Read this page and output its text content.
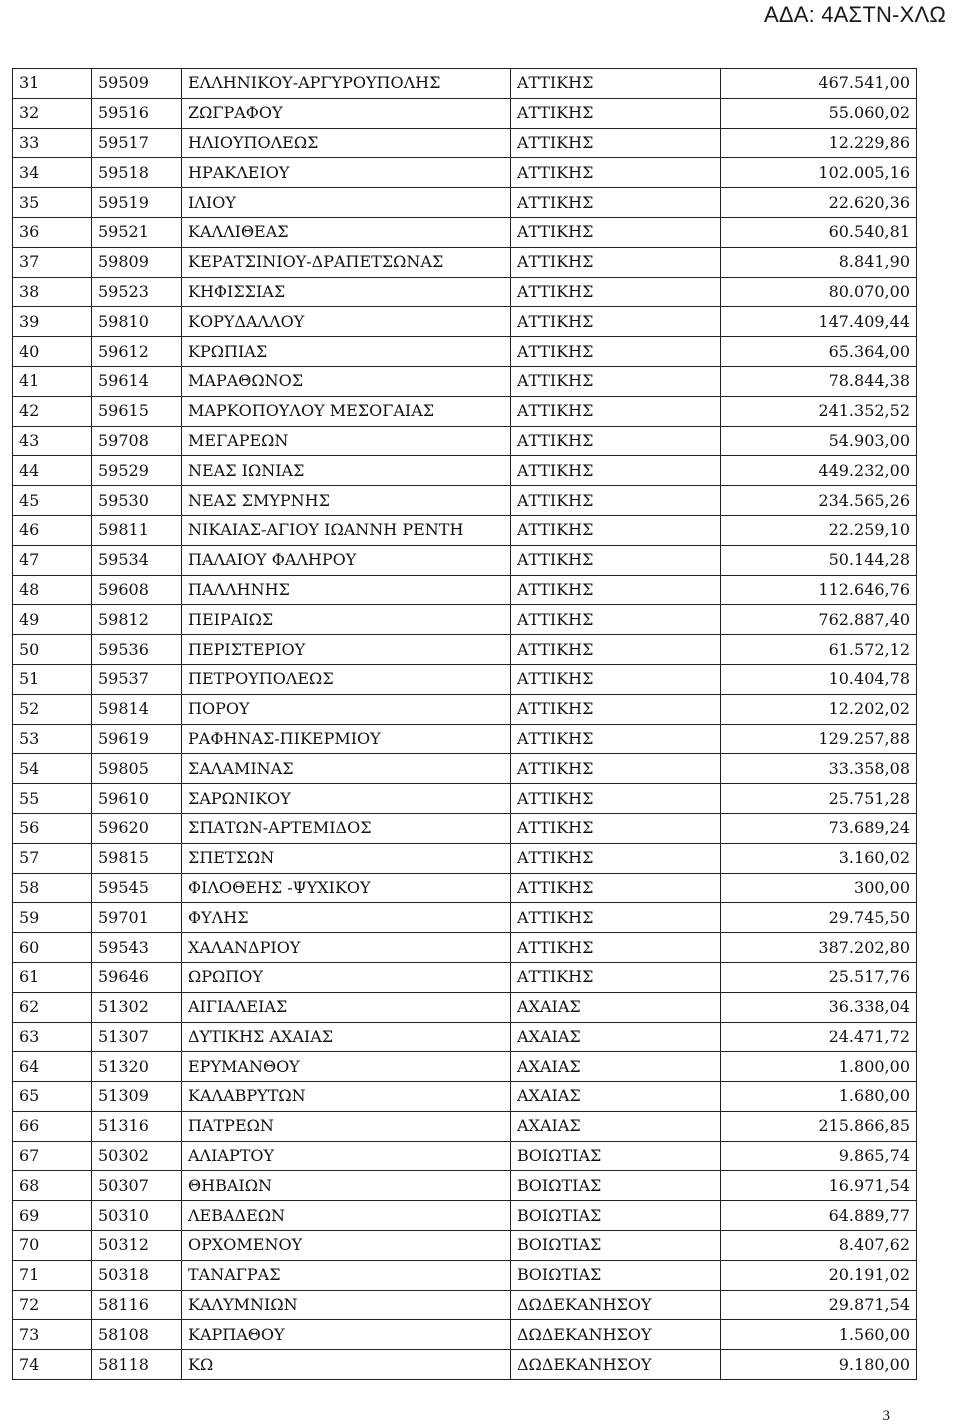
ΑΔΑ: 4ΑΣΤΝ-ΧΛΩ
31	59509	ΕΛΛΗΝΙΚΟΥ-ΑΡΓΥΡΟΥΠΟΛΗΣ	ΑΤΤΙΚΗΣ	467.541,00
32	59516	ΖΩΓΡΑΦΟΥ	ΑΤΤΙΚΗΣ	55.060,02
33	59517	ΗΛΙΟΥΠΟΛΕΩΣ	ΑΤΤΙΚΗΣ	12.229,86
34	59518	ΗΡΑΚΛΕΙΟΥ	ΑΤΤΙΚΗΣ	102.005,16
35	59519	ΙΛΙΟΥ	ΑΤΤΙΚΗΣ	22.620,36
36	59521	ΚΑΛΛΙΘΕΑΣ	ΑΤΤΙΚΗΣ	60.540,81
37	59809	ΚΕΡΑΤΣΙΝΙΟΥ-ΔΡΑΠΕΤΣΩΝΑΣ	ΑΤΤΙΚΗΣ	8.841,90
38	59523	ΚΗΦΙΣΣΙΑΣ	ΑΤΤΙΚΗΣ	80.070,00
39	59810	ΚΟΡΥΔΑΛΛΟΥ	ΑΤΤΙΚΗΣ	147.409,44
40	59612	ΚΡΩΠΙΑΣ	ΑΤΤΙΚΗΣ	65.364,00
41	59614	ΜΑΡΑΘΩΝΟΣ	ΑΤΤΙΚΗΣ	78.844,38
42	59615	ΜΑΡΚΟΠΟΥΛΟΥ ΜΕΣΟΓΑΙΑΣ	ΑΤΤΙΚΗΣ	241.352,52
43	59708	ΜΕΓΑΡΕΩΝ	ΑΤΤΙΚΗΣ	54.903,00
44	59529	ΝΕΑΣ ΙΩΝΙΑΣ	ΑΤΤΙΚΗΣ	449.232,00
45	59530	ΝΕΑΣ ΣΜΥΡΝΗΣ	ΑΤΤΙΚΗΣ	234.565,26
46	59811	ΝΙΚΑΙΑΣ-ΑΓΙΟΥ ΙΩΑΝΝΗ ΡΕΝΤΗ	ΑΤΤΙΚΗΣ	22.259,10
47	59534	ΠΑΛΑΙΟΥ ΦΑΛΗΡΟΥ	ΑΤΤΙΚΗΣ	50.144,28
48	59608	ΠΑΛΛΗΝΗΣ	ΑΤΤΙΚΗΣ	112.646,76
49	59812	ΠΕΙΡΑΙΩΣ	ΑΤΤΙΚΗΣ	762.887,40
50	59536	ΠΕΡΙΣΤΕΡΙΟΥ	ΑΤΤΙΚΗΣ	61.572,12
51	59537	ΠΕΤΡΟΥΠΟΛΕΩΣ	ΑΤΤΙΚΗΣ	10.404,78
52	59814	ΠΟΡΟΥ	ΑΤΤΙΚΗΣ	12.202,02
53	59619	ΡΑΦΗΝΑΣ-ΠΙΚΕΡΜΙΟΥ	ΑΤΤΙΚΗΣ	129.257,88
54	59805	ΣΑΛΑΜΙΝΑΣ	ΑΤΤΙΚΗΣ	33.358,08
55	59610	ΣΑΡΩΝΙΚΟΥ	ΑΤΤΙΚΗΣ	25.751,28
56	59620	ΣΠΑΤΩΝ-ΑΡΤΕΜΙΔΟΣ	ΑΤΤΙΚΗΣ	73.689,24
57	59815	ΣΠΕΤΣΩΝ	ΑΤΤΙΚΗΣ	3.160,02
58	59545	ΦΙΛΟΘΕΗΣ -ΨΥΧΙΚΟΥ	ΑΤΤΙΚΗΣ	300,00
59	59701	ΦΥΛΗΣ	ΑΤΤΙΚΗΣ	29.745,50
60	59543	ΧΑΛΑΝΔΡΙΟΥ	ΑΤΤΙΚΗΣ	387.202,80
61	59646	ΩΡΩΠΟΥ	ΑΤΤΙΚΗΣ	25.517,76
62	51302	ΑΙΓΙΑΛΕΙΑΣ	ΑΧΑΙΑΣ	36.338,04
63	51307	ΔΥΤΙΚΗΣ ΑΧΑΙΑΣ	ΑΧΑΙΑΣ	24.471,72
64	51320	ΕΡΥΜΑΝΘΟΥ	ΑΧΑΙΑΣ	1.800,00
65	51309	ΚΑΛΑΒΡΥΤΩΝ	ΑΧΑΙΑΣ	1.680,00
66	51316	ΠΑΤΡΕΩΝ	ΑΧΑΙΑΣ	215.866,85
67	50302	ΑΛΙΑΡΤΟΥ	ΒΟΙΩΤΙΑΣ	9.865,74
68	50307	ΘΗΒΑΙΩΝ	ΒΟΙΩΤΙΑΣ	16.971,54
69	50310	ΛΕΒΑΔΕΩΝ	ΒΟΙΩΤΙΑΣ	64.889,77
70	50312	ΟΡΧΟΜΕΝΟΥ	ΒΟΙΩΤΙΑΣ	8.407,62
71	50318	ΤΑΝΑΓΡΑΣ	ΒΟΙΩΤΙΑΣ	20.191,02
72	58116	ΚΑΛΥΜΝΙΩΝ	ΔΩΔΕΚΑΝΗΣΟΥ	29.871,54
73	58108	ΚΑΡΠΑΘΟΥ	ΔΩΔΕΚΑΝΗΣΟΥ	1.560,00
74	58118	ΚΩ	ΔΩΔΕΚΑΝΗΣΟΥ	9.180,00
3
